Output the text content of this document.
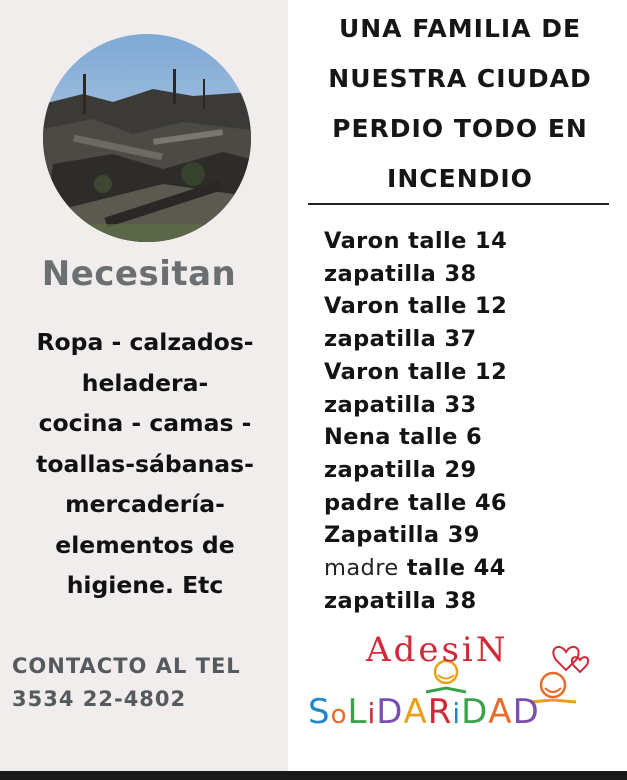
Necesitan
Ropa - calzados-
heladera-
cocina - camas -
toallas-sábanas-
mercadería-
elementos de
higiene. Etc
CONTACTO AL TEL
3534 22-4802
UNA FAMILIA DE
NUESTRA CIUDAD
PERDIO TODO EN
INCENDIO
Varon talle 14
zapatilla 38
Varon talle 12
zapatilla 37
Varon talle 12
zapatilla 33
Nena talle 6
zapatilla 29
padre talle 46
Zapatilla 39
madre talle 44
zapatilla 38
AdesiN
SoLiDARiDAD
